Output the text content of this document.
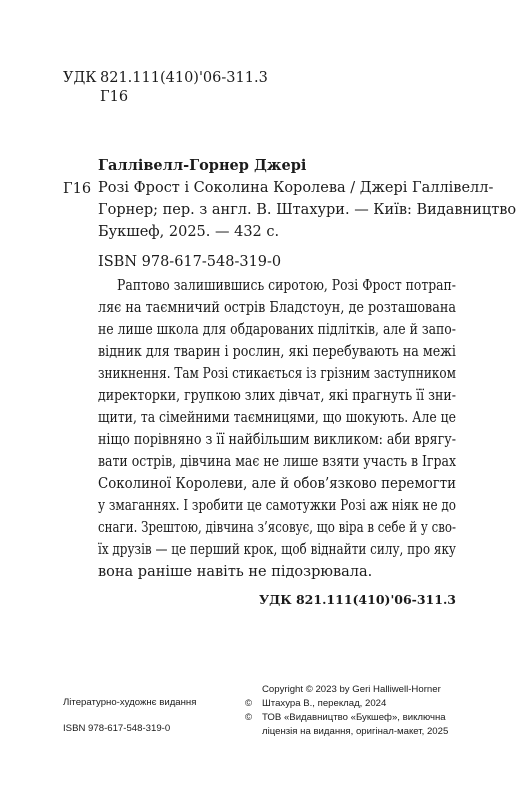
УДК 821.111(410)'06-311.3
Г16
Галлівелл-Горнер Джері
Г16 Розі Фрост і Соколина Королева / Джері Галлівелл-
Горнер; пер. з англ. В. Штахури. — Київ: Видавництво
Букшеф, 2025. — 432 с.
ISBN 978-617-548-319-0
Раптово залишившись сиротою, Розі Фрост потрап-
ляє на таємничий острів Бладстоун, де розташована
не лише школа для обдарованих підлітків, але й запо-
відник для тварин і рослин, які перебувають на межі
зникнення. Там Розі стикається із грізним заступником
директорки, групкою злих дівчат, які прагнуть її зни-
щити, та сімейними таємницями, що шокують. Але це
ніщо порівняно з її найбільшим викликом: аби врягу-
вати острів, дівчина має не лише взяти участь в Іграх
Соколиної Королеви, але й обов’язково перемогти
у змаганнях. І зробити це самотужки Розі аж ніяк не до
снаги. Зрештою, дівчина з’ясовує, що віра в себе й у сво-
їх друзів — це перший крок, щоб віднайти силу, про яку
вона раніше навіть не підозрювала.
УДК 821.111(410)'06-311.3
Літературно-художнє видання
ISBN 978-617-548-319-0
Copyright © 2023 by Geri Halliwell-Horner
© Штахура В., переклад, 2024
© ТОВ «Видавництво «Букшеф», виключна
ліцензія на видання, оригінал-макет, 2025
